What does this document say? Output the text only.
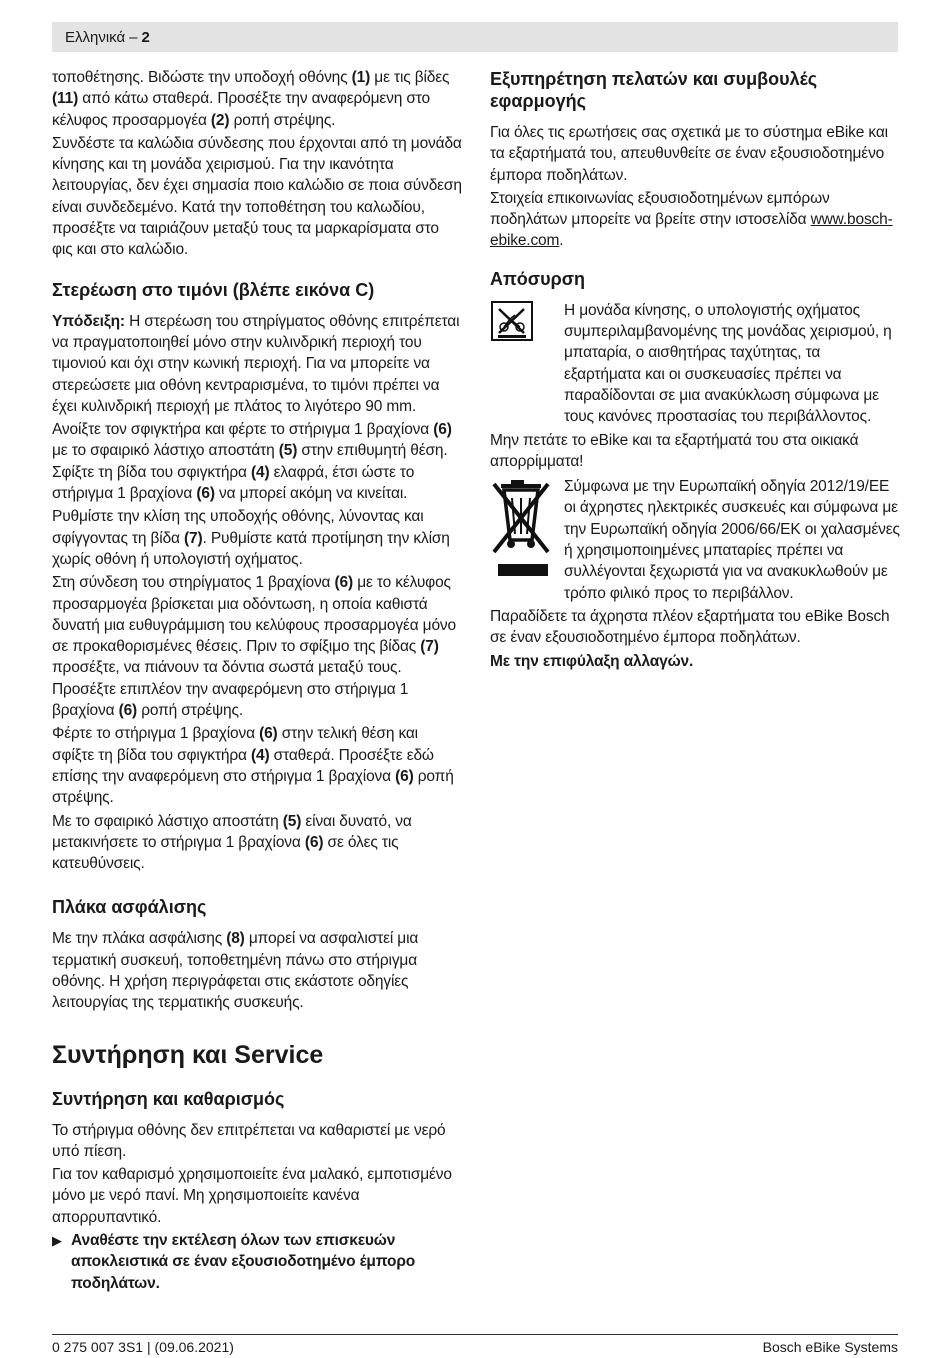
Ελληνικά – 2

τοποθέτησης. Βιδώστε την υποδοχή οθόνης (1) με τις βίδες (11) από κάτω σταθερά. Προσέξτε την αναφερόμενη στο κέλυφος προσαρμογέα (2) ροπή στρέψης.

Συνδέστε τα καλώδια σύνδεσης που έρχονται από τη μονάδα κίνησης και τη μονάδα χειρισμού. Για την ικανότητα λειτουργίας, δεν έχει σημασία ποιο καλώδιο σε ποια σύνδεση είναι συνδεδεμένο. Κατά την τοποθέτηση του καλωδίου, προσέξτε να ταιριάζουν μεταξύ τους τα μαρκαρίσματα στο φις και στο καλώδιο.

Στερέωση στο τιμόνι (βλέπε εικόνα C)

Υπόδειξη: Η στερέωση του στηρίγματος οθόνης επιτρέπεται να πραγματοποιηθεί μόνο στην κυλινδρική περιοχή του τιμονιού και όχι στην κωνική περιοχή. Για να μπορείτε να στερεώσετε μια οθόνη κεντραρισμένα, το τιμόνι πρέπει να έχει κυλινδρική περιοχή με πλάτος το λιγότερο 90 mm.

Ανοίξτε τον σφιγκτήρα και φέρτε το στήριγμα 1 βραχίονα (6) με το σφαιρικό λάστιχο αποστάτη (5) στην επιθυμητή θέση. Σφίξτε τη βίδα του σφιγκτήρα (4) ελαφρά, έτσι ώστε το στήριγμα 1 βραχίονα (6) να μπορεί ακόμη να κινείται.

Ρυθμίστε την κλίση της υποδοχής οθόνης, λύνοντας και σφίγγοντας τη βίδα (7). Ρυθμίστε κατά προτίμηση την κλίση χωρίς οθόνη ή υπολογιστή οχήματος.

Στη σύνδεση του στηρίγματος 1 βραχίονα (6) με το κέλυφος προσαρμογέα βρίσκεται μια οδόντωση, η οποία καθιστά δυνατή μια ευθυγράμμιση του κελύφους προσαρμογέα μόνο σε προκαθορισμένες θέσεις. Πριν το σφίξιμο της βίδας (7) προσέξτε, να πιάνουν τα δόντια σωστά μεταξύ τους. Προσέξτε επιπλέον την αναφερόμενη στο στήριγμα 1 βραχίονα (6) ροπή στρέψης.

Φέρτε το στήριγμα 1 βραχίονα (6) στην τελική θέση και σφίξτε τη βίδα του σφιγκτήρα (4) σταθερά. Προσέξτε εδώ επίσης την αναφερόμενη στο στήριγμα 1 βραχίονα (6) ροπή στρέψης.

Με το σφαιρικό λάστιχο αποστάτη (5) είναι δυνατό, να μετακινήσετε το στήριγμα 1 βραχίονα (6) σε όλες τις κατευθύνσεις.

Πλάκα ασφάλισης

Με την πλάκα ασφάλισης (8) μπορεί να ασφαλιστεί μια τερματική συσκευή, τοποθετημένη πάνω στο στήριγμα οθόνης. Η χρήση περιγράφεται στις εκάστοτε οδηγίες λειτουργίας της τερματικής συσκευής.

Συντήρηση και Service
Συντήρηση και καθαρισμός

Το στήριγμα οθόνης δεν επιτρέπεται να καθαριστεί με νερό υπό πίεση.

Για τον καθαρισμό χρησιμοποιείτε ένα μαλακό, εμποτισμένο μόνο με νερό πανί. Μη χρησιμοποιείτε κανένα απορρυπαντικό.

▶ Αναθέστε την εκτέλεση όλων των επισκευών αποκλειστικά σε έναν εξουσιοδοτημένο έμπορο ποδηλάτων.

Εξυπηρέτηση πελατών και συμβουλές εφαρμογής

Για όλες τις ερωτήσεις σας σχετικά με το σύστημα eBike και τα εξαρτήματά του, απευθυνθείτε σε έναν εξουσιοδοτημένο έμπορα ποδηλάτων.

Στοιχεία επικοινωνίας εξουσιοδοτημένων εμπόρων ποδηλάτων μπορείτε να βρείτε στην ιστοσελίδα www.bosch-ebike.com.

Απόσυρση

Η μονάδα κίνησης, ο υπολογιστής οχήματος συμπεριλαμβανομένης της μονάδας χειρισμού, η μπαταρία, ο αισθητήρας ταχύτητας, τα εξαρτήματα και οι συσκευασίες πρέπει να παραδίδονται σε μια ανακύκλωση σύμφωνα με τους κανόνες προστασίας του περιβάλλοντος.

Μην πετάτε το eBike και τα εξαρτήματά του στα οικιακά απορρίμματα!

Σύμφωνα με την Ευρωπαϊκή οδηγία 2012/19/ΕΕ οι άχρηστες ηλεκτρικές συσκευές και σύμφωνα με την Ευρωπαϊκή οδηγία 2006/66/ΕΚ οι χαλασμένες ή χρησιμοποιημένες μπαταρίες πρέπει να συλλέγονται ξεχωριστά για να ανακυκλωθούν με τρόπο φιλικό προς το περιβάλλον.

Παραδίδετε τα άχρηστα πλέον εξαρτήματα του eBike Bosch σε έναν εξουσιοδοτημένο έμπορα ποδηλάτων.

Με την επιφύλαξη αλλαγών.

0 275 007 3S1 | (09.06.2021)	Bosch eBike Systems
